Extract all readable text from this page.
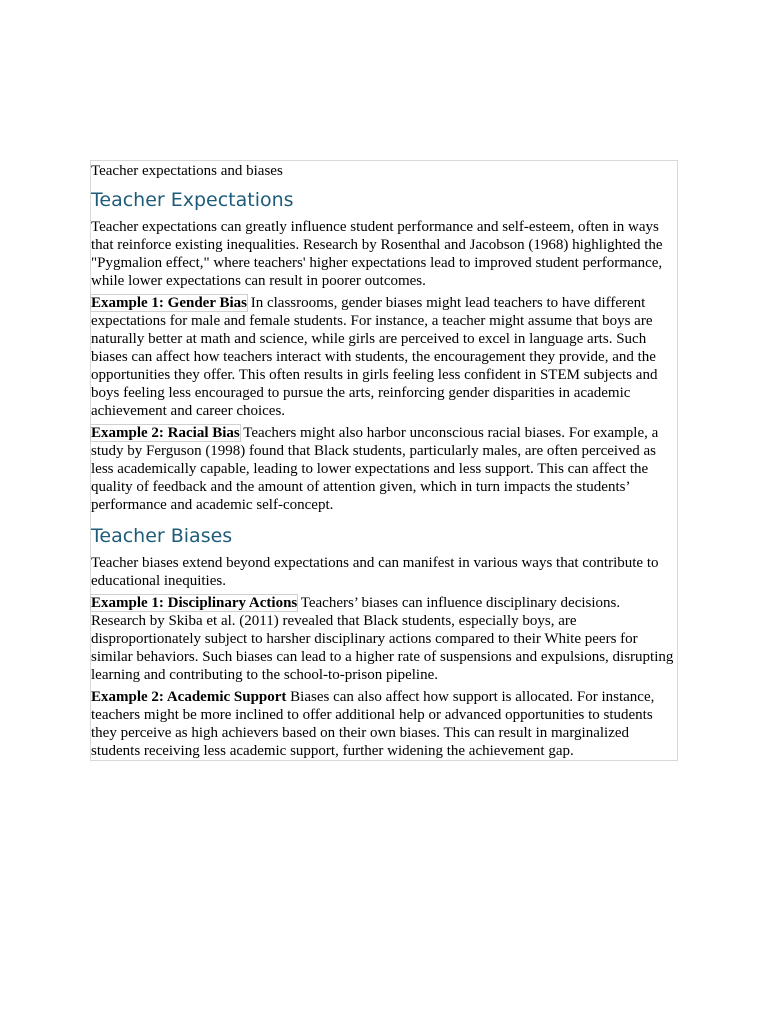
Teacher expectations and biases

Teacher Expectations

Teacher expectations can greatly influence student performance and self-esteem, often in ways that reinforce existing inequalities. Research by Rosenthal and Jacobson (1968) highlighted the "Pygmalion effect," where teachers' higher expectations lead to improved student performance, while lower expectations can result in poorer outcomes.

Example 1: Gender Bias In classrooms, gender biases might lead teachers to have different expectations for male and female students. For instance, a teacher might assume that boys are naturally better at math and science, while girls are perceived to excel in language arts. Such biases can affect how teachers interact with students, the encouragement they provide, and the opportunities they offer. This often results in girls feeling less confident in STEM subjects and boys feeling less encouraged to pursue the arts, reinforcing gender disparities in academic achievement and career choices.

Example 2: Racial Bias Teachers might also harbor unconscious racial biases. For example, a study by Ferguson (1998) found that Black students, particularly males, are often perceived as less academically capable, leading to lower expectations and less support. This can affect the quality of feedback and the amount of attention given, which in turn impacts the students’ performance and academic self-concept.

Teacher Biases

Teacher biases extend beyond expectations and can manifest in various ways that contribute to educational inequities.

Example 1: Disciplinary Actions Teachers’ biases can influence disciplinary decisions. Research by Skiba et al. (2011) revealed that Black students, especially boys, are disproportionately subject to harsher disciplinary actions compared to their White peers for similar behaviors. Such biases can lead to a higher rate of suspensions and expulsions, disrupting learning and contributing to the school-to-prison pipeline.

Example 2: Academic Support Biases can also affect how support is allocated. For instance, teachers might be more inclined to offer additional help or advanced opportunities to students they perceive as high achievers based on their own biases. This can result in marginalized students receiving less academic support, further widening the achievement gap.
